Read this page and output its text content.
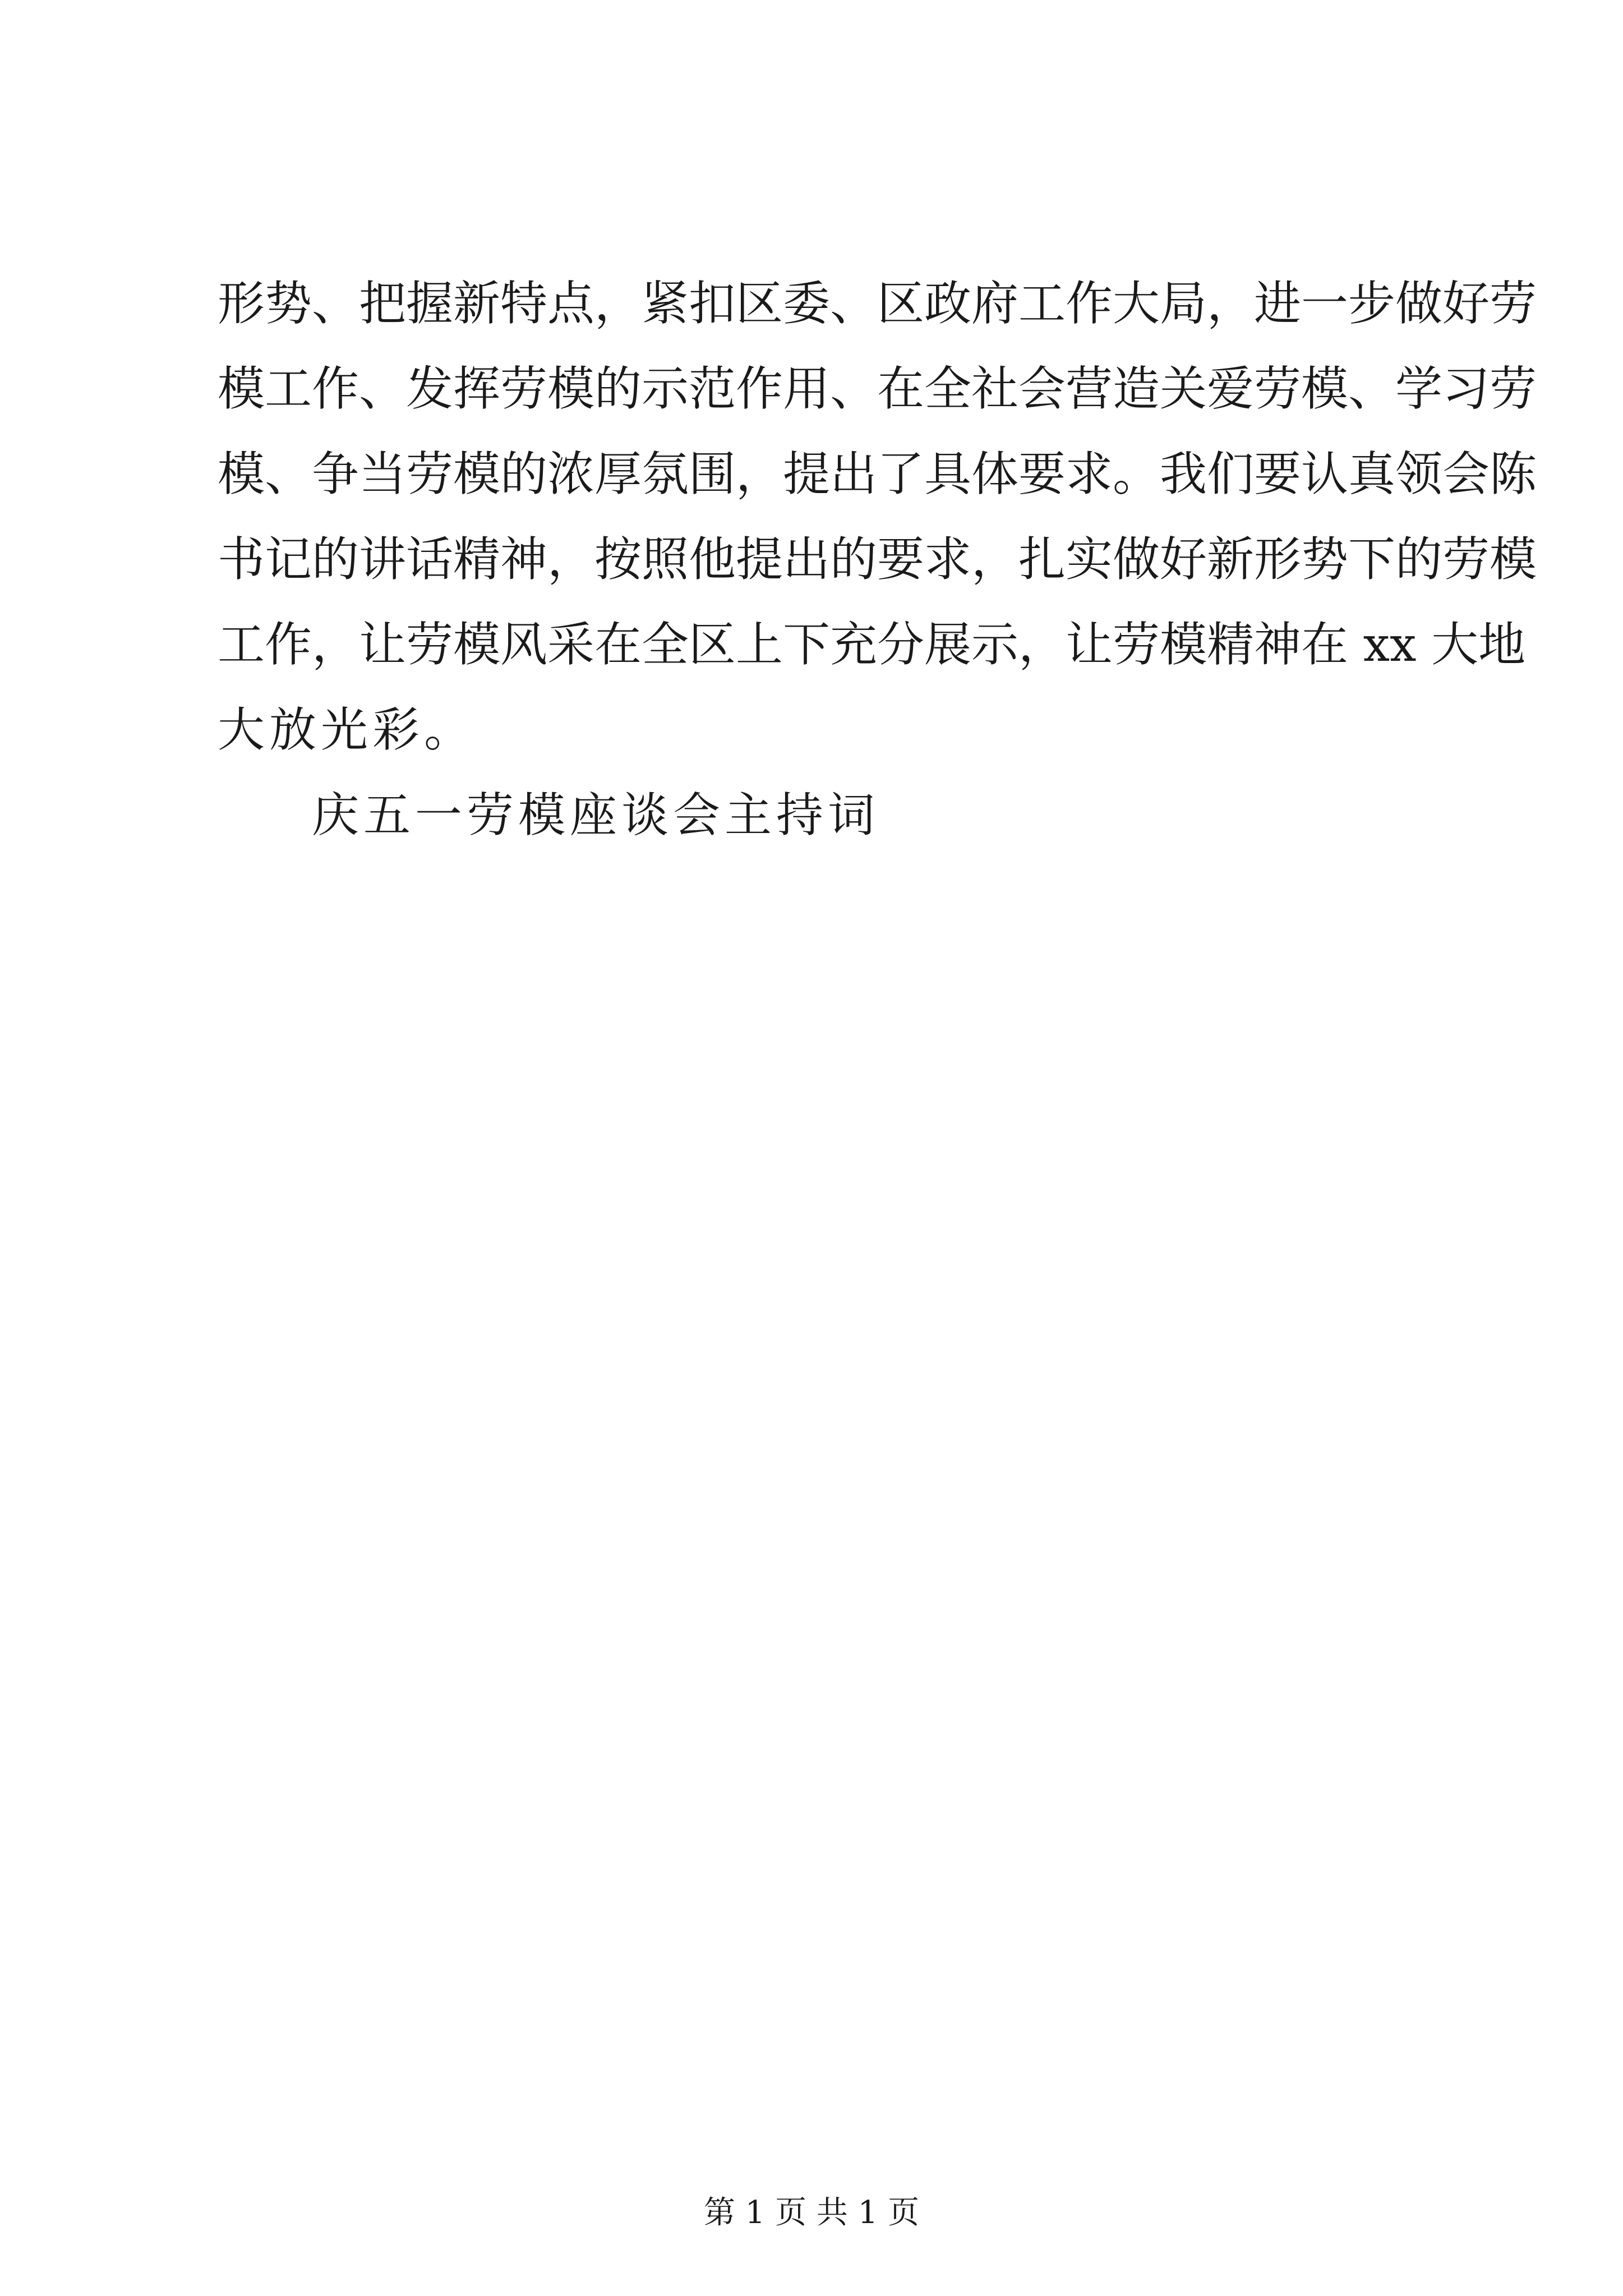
形势、把握新特点，紧扣区委、区政府工作大局，进一步做好劳
模工作、发挥劳模的示范作用、在全社会营造关爱劳模、学习劳
模、争当劳模的浓厚氛围，提出了具体要求。我们要认真领会陈
书记的讲话精神，按照他提出的要求，扎实做好新形势下的劳模
工作，让劳模风采在全区上下充分展示，让劳模精神在 xx 大地
大放光彩。
庆五一劳模座谈会主持词
第 1 页 共 1 页
